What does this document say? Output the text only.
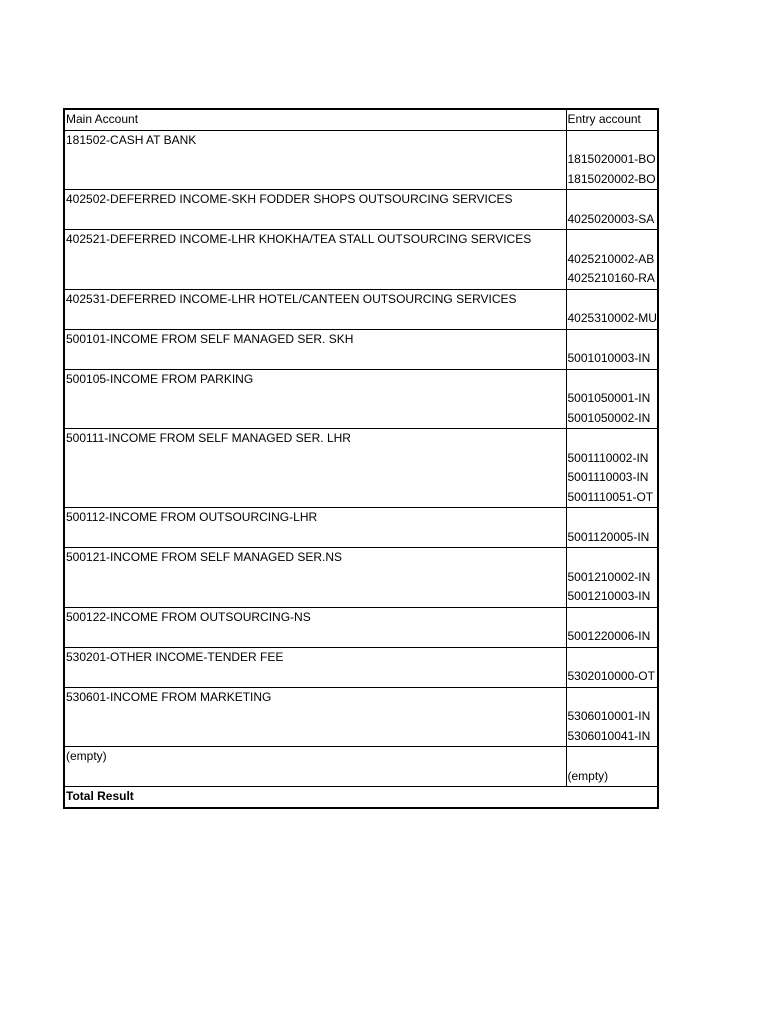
Main Account	Entry account
181502-CASH AT BANK	
	1815020001-BO
	1815020002-BO
402502-DEFERRED INCOME-SKH FODDER SHOPS OUTSOURCING SERVICES	
	4025020003-SA
402521-DEFERRED INCOME-LHR KHOKHA/TEA STALL OUTSOURCING SERVICES	
	4025210002-AB
	4025210160-RA
402531-DEFERRED INCOME-LHR HOTEL/CANTEEN OUTSOURCING SERVICES	
	4025310002-MU
500101-INCOME FROM SELF MANAGED SER. SKH	
	5001010003-IN
500105-INCOME FROM PARKING	
	5001050001-IN
	5001050002-IN
500111-INCOME FROM SELF MANAGED SER. LHR	
	5001110002-IN
	5001110003-IN
	5001110051-OT
500112-INCOME FROM OUTSOURCING-LHR	
	5001120005-IN
500121-INCOME FROM SELF MANAGED SER.NS	
	5001210002-IN
	5001210003-IN
500122-INCOME FROM OUTSOURCING-NS	
	5001220006-IN
530201-OTHER INCOME-TENDER FEE	
	5302010000-OT
530601-INCOME FROM MARKETING	
	5306010001-IN
	5306010041-IN
(empty)	
	(empty)
Total Result	
